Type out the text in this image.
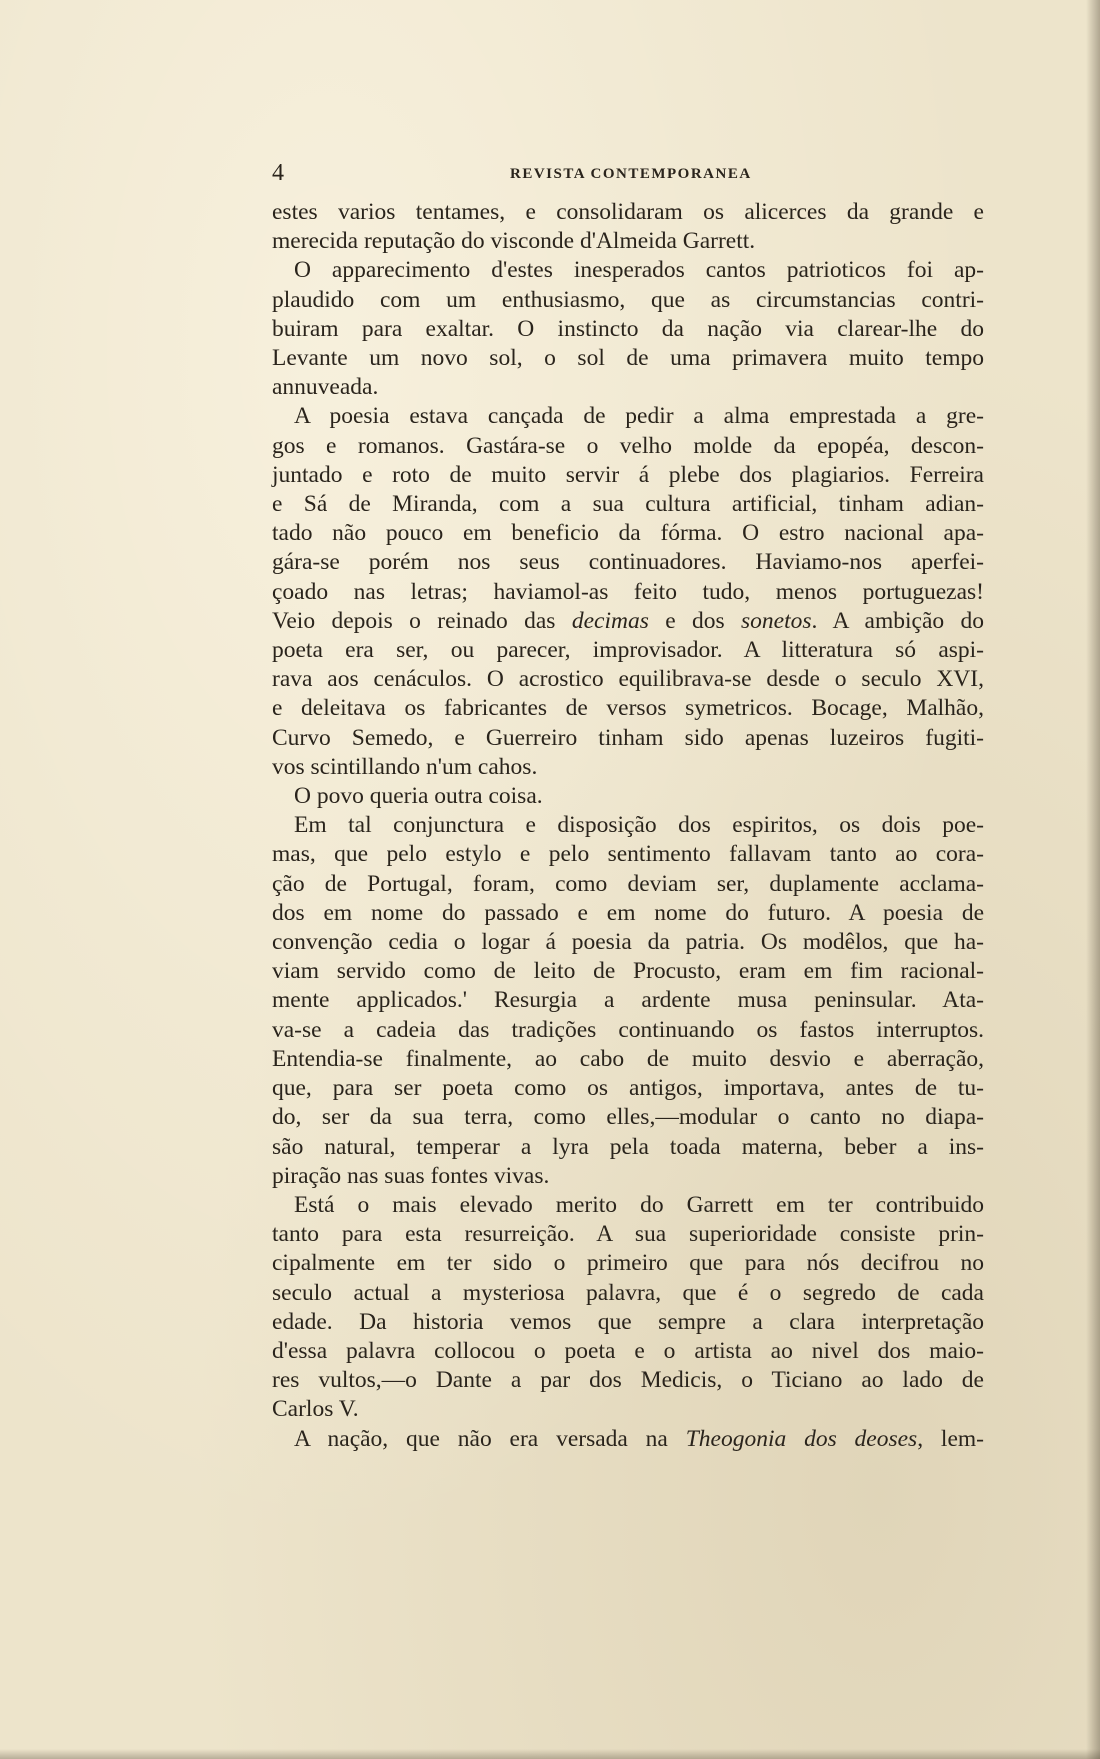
4	REVISTA CONTEMPORANEA
estes varios tentames, e consolidaram os alicerces da grande e
merecida reputação do visconde d'Almeida Garrett.
O apparecimento d'estes inesperados cantos patrioticos foi ap-
plaudido com um enthusiasmo, que as circumstancias contri-
buiram para exaltar. O instincto da nação via clarear-lhe do
Levante um novo sol, o sol de uma primavera muito tempo
annuveada.
A poesia estava cançada de pedir a alma emprestada a gre-
gos e romanos. Gastára-se o velho molde da epopéa, descon-
juntado e roto de muito servir á plebe dos plagiarios. Ferreira
e Sá de Miranda, com a sua cultura artificial, tinham adian-
tado não pouco em beneficio da fórma. O estro nacional apa-
gára-se porém nos seus continuadores. Haviamo-nos aperfei-
çoado nas letras; haviamol-as feito tudo, menos portuguezas!
Veio depois o reinado das decimas e dos sonetos. A ambição do
poeta era ser, ou parecer, improvisador. A litteratura só aspi-
rava aos cenáculos. O acrostico equilibrava-se desde o seculo XVI,
e deleitava os fabricantes de versos symetricos. Bocage, Malhão,
Curvo Semedo, e Guerreiro tinham sido apenas luzeiros fugiti-
vos scintillando n'um cahos.
O povo queria outra coisa.
Em tal conjunctura e disposição dos espiritos, os dois poe-
mas, que pelo estylo e pelo sentimento fallavam tanto ao cora-
ção de Portugal, foram, como deviam ser, duplamente acclama-
dos em nome do passado e em nome do futuro. A poesia de
convenção cedia o logar á poesia da patria. Os modêlos, que ha-
viam servido como de leito de Procusto, eram em fim racional-
mente applicados.' Resurgia a ardente musa peninsular. Ata-
va-se a cadeia das tradições continuando os fastos interruptos.
Entendia-se finalmente, ao cabo de muito desvio e aberração,
que, para ser poeta como os antigos, importava, antes de tu-
do, ser da sua terra, como elles,—modular o canto no diapa-
são natural, temperar a lyra pela toada materna, beber a ins-
piração nas suas fontes vivas.
Está o mais elevado merito do Garrett em ter contribuido
tanto para esta resurreição. A sua superioridade consiste prin-
cipalmente em ter sido o primeiro que para nós decifrou no
seculo actual a mysteriosa palavra, que é o segredo de cada
edade. Da historia vemos que sempre a clara interpretação
d'essa palavra collocou o poeta e o artista ao nivel dos maio-
res vultos,—o Dante a par dos Medicis, o Ticiano ao lado de
Carlos V.
A nação, que não era versada na Theogonia dos deoses, lem-
